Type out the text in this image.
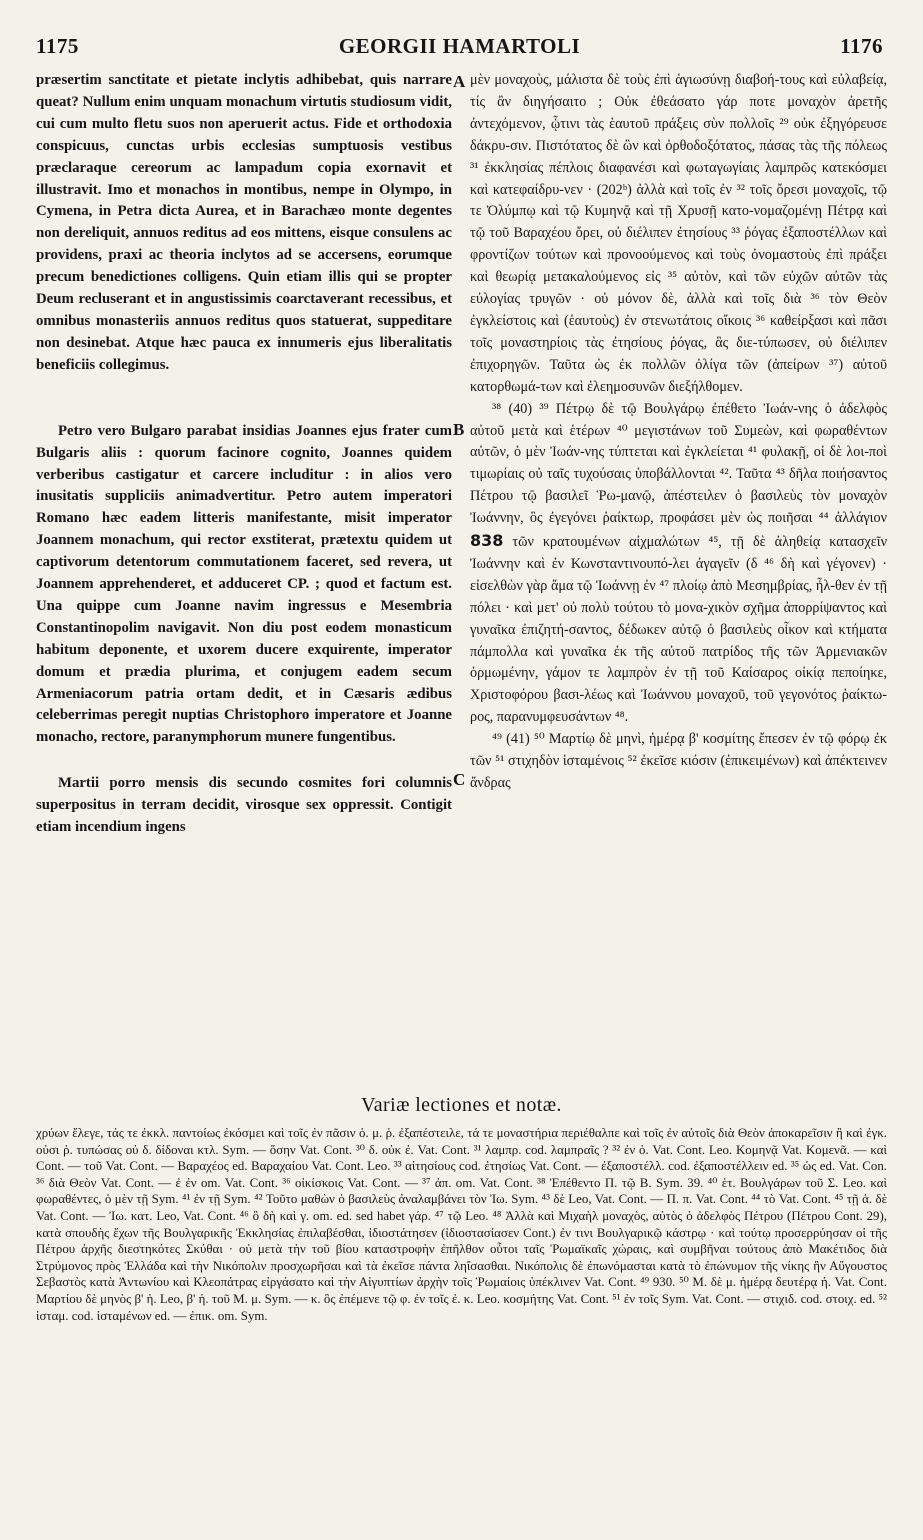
1175	GEORGII HAMARTOLI	1176

præsertim sanctitate et pietate inclytis adhibebat, quis narrare queat? Nullum enim unquam monachum virtutis studiosum vidit, cui cum multo fletu suos non aperuerit actus. Fide et orthodoxia conspicuus, cunctas urbis ecclesias sumptuosis vestibus præclaraque cereorum ac lampadum copia exornavit et illustravit. Imo et monachos in montibus, nempe in Olympo, in Cymena, in Petra dicta Aurea, et in Barachæo monte degentes non dereliquit, annuos reditus ad eos mittens, eisque consulens ac providens, praxi ac theoria inclytos ad se accersens, eorumque precum benedictiones colligens. Quin etiam illis qui se propter Deum recluserant et in angustissimis coarctaverant recessibus, et omnibus monasteriis annuos reditus quos statuerat, suppeditare non desinebat. Atque hæc pauca ex innumeris ejus liberalitatis beneficiis collegimus.

Petro vero Bulgaro parabat insidias Joannes ejus frater cum Bulgaris aliis : quorum facinore cognito, Joannes quidem verberibus castigatur et carcere includitur : in alios vero inusitatis suppliciis animadvertitur. Petro autem imperatori Romano hæc eadem litteris manifestante, misit imperator Joannem monachum, qui rector exstiterat, prætextu quidem ut captivorum detentorum commutationem faceret, sed revera, ut Joannem apprehenderet, et adduceret CP. ; quod et factum est. Una quippe cum Joanne navim ingressus e Mesembria Constantinopolim navigavit. Non diu post eodem monasticum habitum deponente, et uxorem ducere exquirente, imperator domum et prædia plurima, et conjugem eadem secum Armeniacorum patria ortam dedit, et in Cæsaris ædibus celeberrimas peregit nuptias Christophoro imperatore et Joanne monacho, rectore, paranymphorum munere fungentibus.

Martii porro mensis dis secundo cosmites fori columnis superpositus in terram decidit, virosque sex oppressit. Contigit etiam incendium ingens

A
B
C

μὲν μοναχοὺς, μάλιστα δὲ τοὺς ἐπὶ ἁγιωσύνῃ διαβοή-τους καὶ εὐλαβείᾳ, τίς ἂν διηγήσαιτο ; Οὐκ ἐθεάσατο γάρ ποτε μοναχὸν ἀρετῆς ἀντεχόμενον, ᾧτινι τὰς ἑαυτοῦ πράξεις σὺν πολλοῖς ²⁹ οὐκ ἐξηγόρευσε δάκρυ-σιν. Πιστότατος δὲ ὢν καὶ ὀρθοδοξότατος, πάσας τὰς τῆς πόλεως ³¹ ἐκκλησίας πέπλοις διαφανέσι καὶ φωταγωγίαις λαμπρῶς κατεκόσμει καὶ κατεφαίδρυ-νεν · (202ᵇ) ἀλλὰ καὶ τοῖς ἐν ³² τοῖς ὄρεσι μοναχοῖς, τῷ τε Ὀλύμπῳ καὶ τῷ Κυμηνᾷ καὶ τῇ Χρυσῇ κατο-νομαζομένῃ Πέτρᾳ καὶ τῷ τοῦ Βαραχέου ὄρει, οὐ διέλιπεν ἐτησίους ³³ ῥόγας ἐξαποστέλλων καὶ φροντίζων τούτων καὶ προνοούμενος καὶ τοὺς ὀνομαστοὺς ἐπὶ πράξει καὶ θεωρίᾳ μετακαλούμενος εἰς ³⁵ αὐτὸν, καὶ τῶν εὐχῶν αὐτῶν τὰς εὐλογίας τρυγῶν · οὐ μόνον δὲ, ἀλλὰ καὶ τοῖς διὰ ³⁶ τὸν Θεὸν ἐγκλείστοις καὶ (ἑαυτοὺς) ἐν στενωτάτοις οἴκοις ³⁶ καθείρξασι καὶ πᾶσι τοῖς μοναστηρίοις τὰς ἐτησίους ῥόγας, ἃς διε-τύπωσεν, οὐ διέλιπεν ἐπιχορηγῶν. Ταῦτα ὡς ἐκ πολλῶν ὀλίγα τῶν (ἀπείρων ³⁷) αὐτοῦ κατορθωμά-των καὶ ἐλεημοσυνῶν διεξήλθομεν.

³⁸ (40) ³⁹ Πέτρῳ δὲ τῷ Βουλγάρῳ ἐπέθετο Ἰωάν-νης ὁ ἀδελφὸς αὐτοῦ μετὰ καὶ ἑτέρων ⁴⁰ μεγιστάνων τοῦ Συμεὼν, καὶ φωραθέντων αὐτῶν, ὁ μὲν Ἰωάν-νης τύπτεται καὶ ἐγκλείεται ⁴¹ φυλακῇ, οἱ δὲ λοι-ποὶ τιμωρίαις οὐ ταῖς τυχούσαις ὑποβάλλονται ⁴². Ταῦτα ⁴³ δῆλα ποιήσαντος Πέτρου τῷ βασιλεῖ Ῥω-μανῷ, ἀπέστειλεν ὁ βασιλεὺς τὸν μοναχὸν Ἰωάννην, ὃς ἐγεγόνει ῥαίκτωρ, προφάσει μὲν ὡς ποιῆσαι ⁴⁴ ἀλλάγιον 838 τῶν κρατουμένων αἰχμαλώτων ⁴⁵, τῇ δὲ ἀληθείᾳ κατασχεῖν Ἰωάννην καὶ ἐν Κωνσταντινουπό-λει ἀγαγεῖν (δ ⁴⁶ δὴ καὶ γέγονεν) · εἰσελθὼν γὰρ ἅμα τῷ Ἰωάννῃ ἐν ⁴⁷ πλοίῳ ἀπὸ Μεσημβρίας, ἦλ-θεν ἐν τῇ πόλει · καὶ μετ' οὐ πολὺ τούτου τὸ μονα-χικὸν σχῆμα ἀπορρίψαντος καὶ γυναῖκα ἐπιζητή-σαντος, δέδωκεν αὐτῷ ὁ βασιλεὺς οἶκον καὶ κτήματα πάμπολλα καὶ γυναῖκα ἐκ τῆς αὐτοῦ πατρίδος τῆς τῶν Ἀρμενιακῶν ὁρμωμένην, γάμον τε λαμπρὸν ἐν τῇ τοῦ Καίσαρος οἰκίᾳ πεποίηκε, Χριστοφόρου βασι-λέως καὶ Ἰωάννου μοναχοῦ, τοῦ γεγονότος ῥαίκτω-ρος, παρανυμφευσάντων ⁴⁸.

⁴⁹ (41) ⁵⁰ Μαρτίῳ δὲ μηνὶ, ἡμέρᾳ β' κοσμίτης ἔπεσεν ἐν τῷ φόρῳ ἐκ τῶν ⁵¹ στιχηδὸν ἱσταμένοις ⁵² ἐκεῖσε κιόσιν (ἐπικειμένων) καὶ ἀπέκτεινεν ἄνδρας

Variæ lectiones et notæ.

χρύων ἔλεγε, τάς τε ἐκκλ. παντοίως ἐκόσμει καὶ τοῖς ἐν πᾶσιν ὁ. μ. ῥ. ἐξαπέστειλε, τά τε μοναστήρια περιέθαλπε καὶ τοῖς ἐν αὐτοῖς διὰ Θεὸν ἀποκαρεῖσιν ἢ καὶ ἐγκ. οὐσι ῥ. τυπώσας οὐ δ. δίδοναι κτλ. Sym. — ὅσην Vat. Cont. ³⁰ δ. οὐκ ἐ. Vat. Cont. ³¹ λαμπρ. cod. λαμπραῖς ? ³² ἐν ὁ. Vat. Cont. Leo. Κομηνᾷ Vat. Κομενᾶ. — καὶ Cont. — τοῦ Vat. Cont. — Βαραχέος ed. Βαραχαίου Vat. Cont. Leo. ³³ αἰτησίους cod. ἐτησίως Vat. Cont. — ἐξαποστέλλ. cod. ἐξαποστέλλειν ed. ³⁵ ὡς ed. Vat. Con. ³⁶ διὰ Θεὸν Vat. Cont. — ἐ ἐν om. Vat. Cont. ³⁶ οἰκίσκοις Vat. Cont. — ³⁷ ἀπ. om. Vat. Cont. ³⁸ Ἐπέθεντο Π. τῷ Β. Sym. 39. ⁴⁰ ἑτ. Βουλγάρων τοῦ Σ. Leo. καὶ φωραθέντες, ὁ μὲν τῇ Sym. ⁴¹ ἐν τῇ Sym. ⁴² Τοῦτο μαθὼν ὁ βασιλεὺς ἀναλαμβάνει τὸν Ἰω. Sym. ⁴³ δὲ Leo, Vat. Cont. — Π. π. Vat. Cont. ⁴⁴ τὸ Vat. Cont. ⁴⁵ τῇ ἁ. δὲ Vat. Cont. — Ἰω. κατ. Leo, Vat. Cont. ⁴⁶ ὃ δὴ καὶ γ. om. ed. sed habet γάρ. ⁴⁷ τῷ Leo. ⁴⁸ Ἀλλὰ καὶ Μιχαὴλ μοναχὸς, αὐτὸς ὁ ἀδελφὸς Πέτρου (Πέτρου Cont. 29), κατὰ σπουδὴς ἔχων τῆς Βουλγαρικῆς Ἐκκλησίας ἐπιλαβέσθαι, ἰδιοστάτησεν (ἰδιοστασίασεν Cont.) ἐν τινι Βουλγαρικῷ κάστρῳ · καὶ τούτῳ προσερρύησαν οἱ τῆς Πέτρου ἀρχῆς διεστηκότες Σκύθαι · οὐ μετὰ τὴν τοῦ βίου καταστροφὴν ἐπῆλθον οὗτοι ταῖς Ῥωμαϊκαῖς χώραις, καὶ συμβῆναι τούτους ἀπὸ Μακέτιδος διὰ Στρύμονος πρὸς Ἑλλάδα καὶ τὴν Νικόπολιν προσχωρῆσαι καὶ τὰ ἐκεῖσε πάντα ληΐσασθαι. Νικόπολις δὲ ἐπωνόμασται κατὰ τὸ ἐπώνυμον τῆς νίκης ἣν Αὔγουστος Σεβαστὸς κατὰ Ἀντωνίου καὶ Κλεοπάτρας εἰργάσατο καὶ τὴν Αἰγυπτίων ἀρχὴν τοῖς Ῥωμαίοις ὑπέκλινεν Vat. Cont. ⁴⁹ 930. ⁵⁰ Μ. δὲ μ. ἡμέρᾳ δευτέρᾳ ἡ. Vat. Cont. Μαρτίου δὲ μηνὸς β' ἡ. Leo, β' ἡ. τοῦ Μ. μ. Sym. — κ. ὃς ἐπέμενε τῷ φ. ἐν τοῖς ἐ. κ. Leo. κοσμήτης Vat. Cont. ⁵¹ ἐν τοῖς Sym. Vat. Cont. — στιχιδ. cod. στοιχ. ed. ⁵² ἱσταμ. cod. ἱσταμένων ed. — ἐπικ. om. Sym.
